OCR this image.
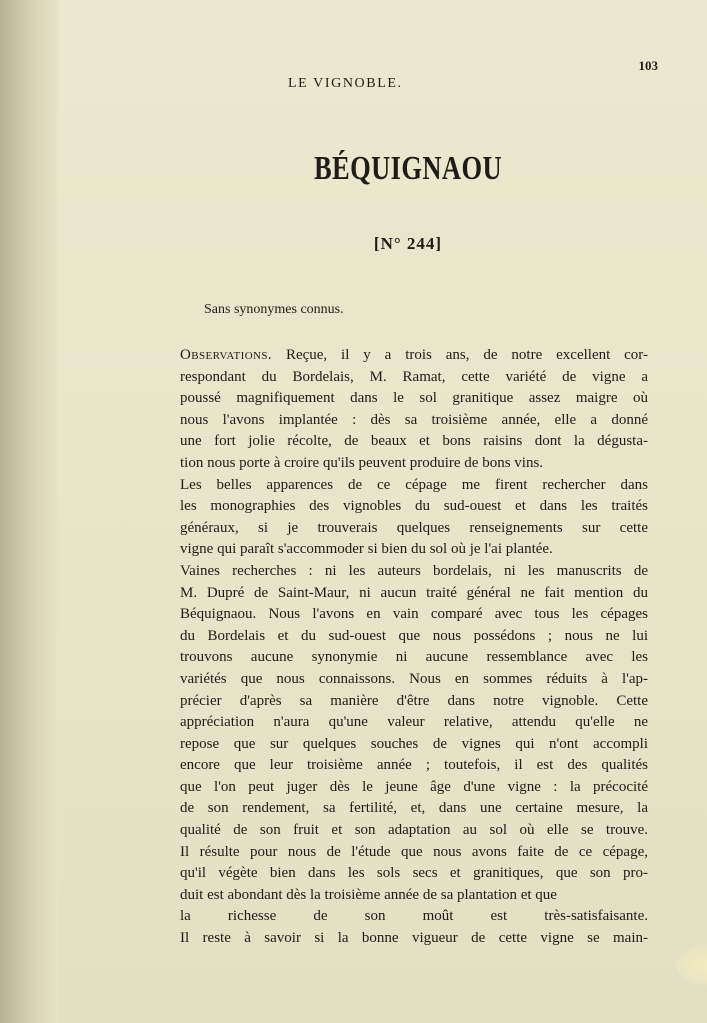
LE VIGNOBLE.
103
BÉQUIGNAOU
[N° 244]
Sans synonymes connus.
Observations. Reçue, il y a trois ans, de notre excellent cor-
respondant du Bordelais, M. Ramat, cette variété de vigne a
poussé magnifiquement dans le sol granitique assez maigre où
nous l'avons implantée : dès sa troisième année, elle a donné
une fort jolie récolte, de beaux et bons raisins dont la dégusta-
tion nous porte à croire qu'ils peuvent produire de bons vins.
Les belles apparences de ce cépage me firent rechercher dans
les monographies des vignobles du sud-ouest et dans les traités
généraux, si je trouverais quelques renseignements sur cette
vigne qui paraît s'accommoder si bien du sol où je l'ai plantée.
Vaines recherches : ni les auteurs bordelais, ni les manuscrits de
M. Dupré de Saint-Maur, ni aucun traité général ne fait mention du
Béquignaou. Nous l'avons en vain comparé avec tous les cépages
du Bordelais et du sud-ouest que nous possédons ; nous ne lui
trouvons aucune synonymie ni aucune ressemblance avec les
variétés que nous connaissons. Nous en sommes réduits à l'ap-
précier d'après sa manière d'être dans notre vignoble. Cette
appréciation n'aura qu'une valeur relative, attendu qu'elle ne
repose que sur quelques souches de vignes qui n'ont accompli
encore que leur troisième année ; toutefois, il est des qualités
que l'on peut juger dès le jeune âge d'une vigne : la précocité
de son rendement, sa fertilité, et, dans une certaine mesure, la
qualité de son fruit et son adaptation au sol où elle se trouve.
Il résulte pour nous de l'étude que nous avons faite de ce cépage,
qu'il végète bien dans les sols secs et granitiques, que son pro-
duit est abondant dès la troisième année de sa plantation et que
la richesse de son moût est très-satisfaisante.
Il reste à savoir si la bonne vigueur de cette vigne se main-
